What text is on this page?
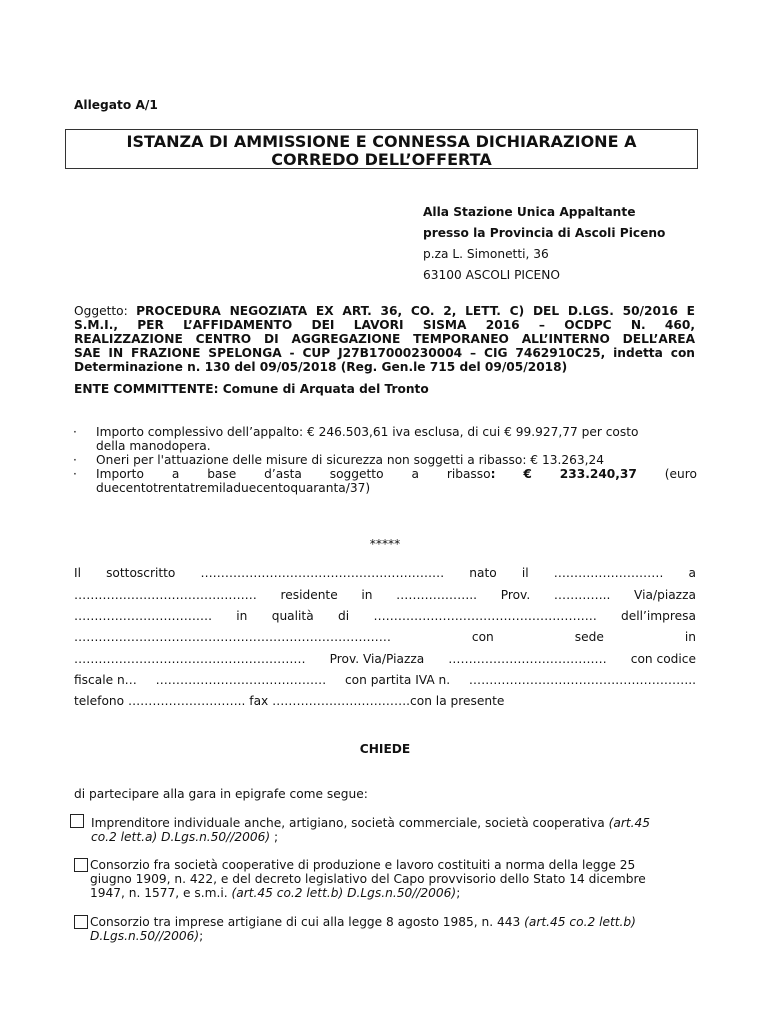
Allegato A/1
ISTANZA DI AMMISSIONE E CONNESSA DICHIARAZIONE A
CORREDO DELL’OFFERTA
Alla Stazione Unica Appaltante
presso la Provincia di Ascoli Piceno
p.za L. Simonetti, 36
63100 ASCOLI PICENO
Oggetto: PROCEDURA NEGOZIATA EX ART. 36, CO. 2, LETT. C) DEL D.LGS. 50/2016 E
S.M.I., PER L’AFFIDAMENTO DEI LAVORI SISMA 2016 – OCDPC N. 460,
REALIZZAZIONE CENTRO DI AGGREGAZIONE TEMPORANEO ALL’INTERNO DELL’AREA
SAE IN FRAZIONE SPELONGA - CUP J27B17000230004 – CIG 7462910C25, indetta con
Determinazione n. 130 del 09/05/2018 (Reg. Gen.le 715 del 09/05/2018)
ENTE COMMITTENTE: Comune di Arquata del Tronto
· Importo complessivo dell’appalto: € 246.503,61 iva esclusa, di cui € 99.927,77 per costo
della manodopera.
· Oneri per l'attuazione delle misure di sicurezza non soggetti a ribasso: € 13.263,24
· Importo a base d’asta soggetto a ribasso: € 233.240,37 (euro
duecentotrentatremiladuecentoquaranta/37)
*****
Il sottoscritto …………………………………………………… nato il ……………………… a
……………………………………… residente in ……………….. Prov. ………….. Via/piazza
……………………………. in qualità di ………………………………………………. dell’impresa
……………………………………………………………………	con	sede	in
………………………………………………… Prov. Via/Piazza ………………………………… con codice
fiscale n… …………………………………… con partita IVA n. ………………………………………………..
telefono ……………………….. fax …………………………….con la presente
CHIEDE
di partecipare alla gara in epigrafe come segue:
Imprenditore individuale anche, artigiano, società commerciale, società cooperativa (art.45
co.2 lett.a) D.Lgs.n.50//2006) ;
Consorzio fra società cooperative di produzione e lavoro costituiti a norma della legge 25
giugno 1909, n. 422, e del decreto legislativo del Capo provvisorio dello Stato 14 dicembre
1947, n. 1577, e s.m.i. (art.45 co.2 lett.b) D.Lgs.n.50//2006);
Consorzio tra imprese artigiane di cui alla legge 8 agosto 1985, n. 443 (art.45 co.2 lett.b)
D.Lgs.n.50//2006);
